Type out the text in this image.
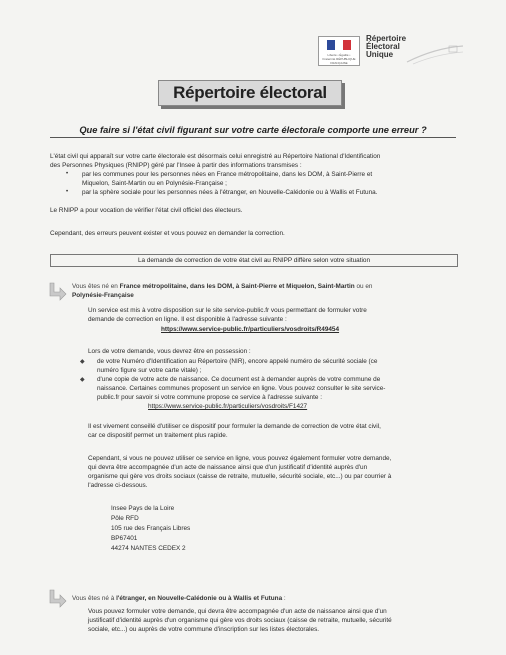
Liberté • Égalité • Fraternité RÉPUBLIQUE FRANÇAISE
Répertoire
Électoral
Unique
Répertoire électoral
Que faire si l'état civil figurant sur votre carte électorale comporte une erreur ?
L'état civil qui apparaît sur votre carte électorale est désormais celui enregistré au Répertoire National d'Identification
des Personnes Physiques (RNIPP) géré par l'Insee à partir des informations transmises :
• par les communes pour les personnes nées en France métropolitaine, dans les DOM, à Saint-Pierre et
Miquelon, Saint-Martin ou en Polynésie-Française ;
• par la sphère sociale pour les personnes nées à l'étranger, en Nouvelle-Calédonie ou à Wallis et Futuna.
Le RNIPP a pour vocation de vérifier l'état civil officiel des électeurs.
Cependant, des erreurs peuvent exister et vous pouvez en demander la correction.
La demande de correction de votre état civil au RNIPP diffère selon votre situation
Vous êtes né en France métropolitaine, dans les DOM, à Saint-Pierre et Miquelon, Saint-Martin ou en
Polynésie-Française
Un service est mis à votre disposition sur le site service-public.fr vous permettant de formuler votre
demande de correction en ligne. Il est disponible à l'adresse suivante :
https://www.service-public.fr/particuliers/vosdroits/R49454
Lors de votre demande, vous devrez être en possession :
◆ de votre Numéro d'Identification au Répertoire (NIR), encore appelé numéro de sécurité sociale (ce
numéro figure sur votre carte vitale) ;
◆ d'une copie de votre acte de naissance. Ce document est à demander auprès de votre commune de
naissance. Certaines communes proposent un service en ligne. Vous pouvez consulter le site service-
public.fr pour savoir si votre commune propose ce service à l'adresse suivante :
https://www.service-public.fr/particuliers/vosdroits/F1427
Il est vivement conseillé d'utiliser ce dispositif pour formuler la demande de correction de votre état civil,
car ce dispositif permet un traitement plus rapide.
Cependant, si vous ne pouvez utiliser ce service en ligne, vous pouvez également formuler votre demande,
qui devra être accompagnée d'un acte de naissance ainsi que d'un justificatif d'identité auprès d'un
organisme qui gère vos droits sociaux (caisse de retraite, mutuelle, sécurité sociale, etc...) ou par courrier à
l'adresse ci-dessous.
Insee Pays de la Loire
Pôle RFD
105 rue des Français Libres
BP67401
44274 NANTES CEDEX 2
Vous êtes né à l'étranger, en Nouvelle-Calédonie ou à Wallis et Futuna :
Vous pouvez formuler votre demande, qui devra être accompagnée d'un acte de naissance ainsi que d'un
justificatif d'identité auprès d'un organisme qui gère vos droits sociaux (caisse de retraite, mutuelle, sécurité
sociale, etc...) ou auprès de votre commune d'inscription sur les listes électorales.
